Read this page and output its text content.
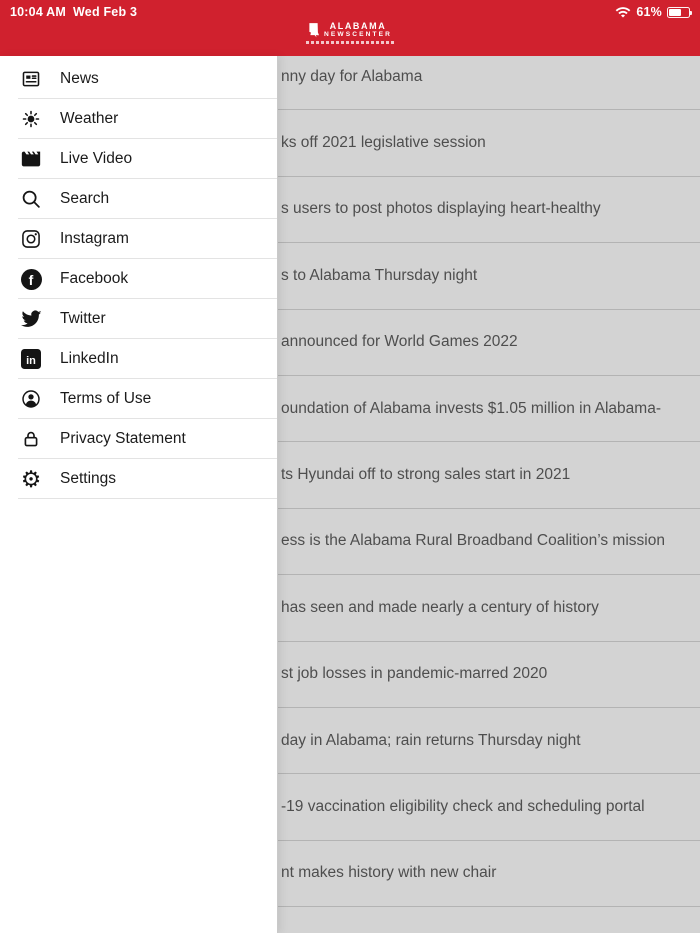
nny day for Alabama
ks off 2021 legislative session
s users to post photos displaying heart-healthy
s to Alabama Thursday night
announced for World Games 2022
oundation of Alabama invests $1.05 million in Alabama-
ts Hyundai off to strong sales start in 2021
ess is the Alabama Rural Broadband Coalition’s mission
has seen and made nearly a century of history
st job losses in pandemic-marred 2020
day in Alabama; rain returns Thursday night
-19 vaccination eligibility check and scheduling portal
nt makes history with new chair
10:04 AM Wed Feb 3	61%
ALABAMA
NEWSCENTER
News
Weather
Live Video
Search
Instagram
f	Facebook
Twitter
in	LinkedIn
Terms of Use
Privacy Statement
⚙ Settings
